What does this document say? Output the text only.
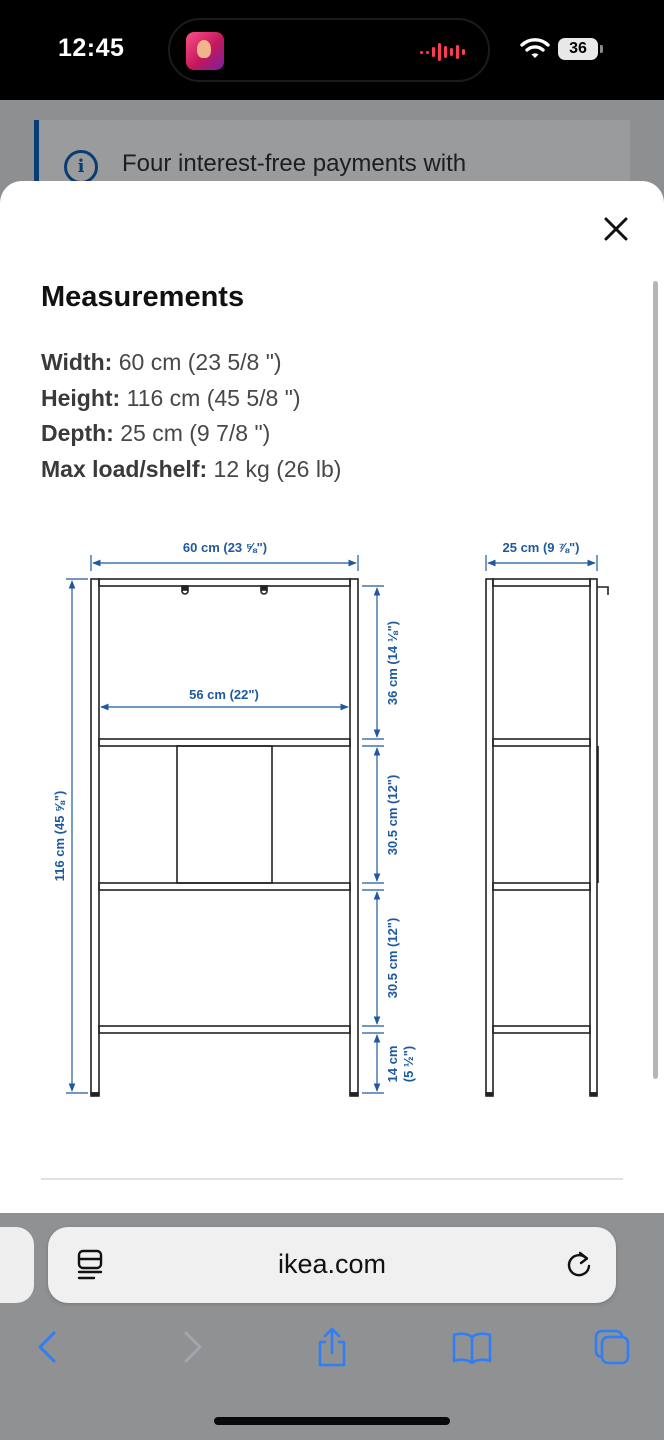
12:45	36
i	Four interest-free payments with
Measurements
Width: 60 cm (23 5/8 ")
Height: 116 cm (45 5/8 ")
Depth: 25 cm (9 7/8 ")
Max load/shelf: 12 kg (26 lb)
60 cm (23 ⅝")
56 cm (22")
116 cm (45 ⅝")
36 cm (14 ⅛")
30.5 cm (12")
30.5 cm (12")
14 cm (5 ½")
25 cm (9 ⅞")
ikea.com
